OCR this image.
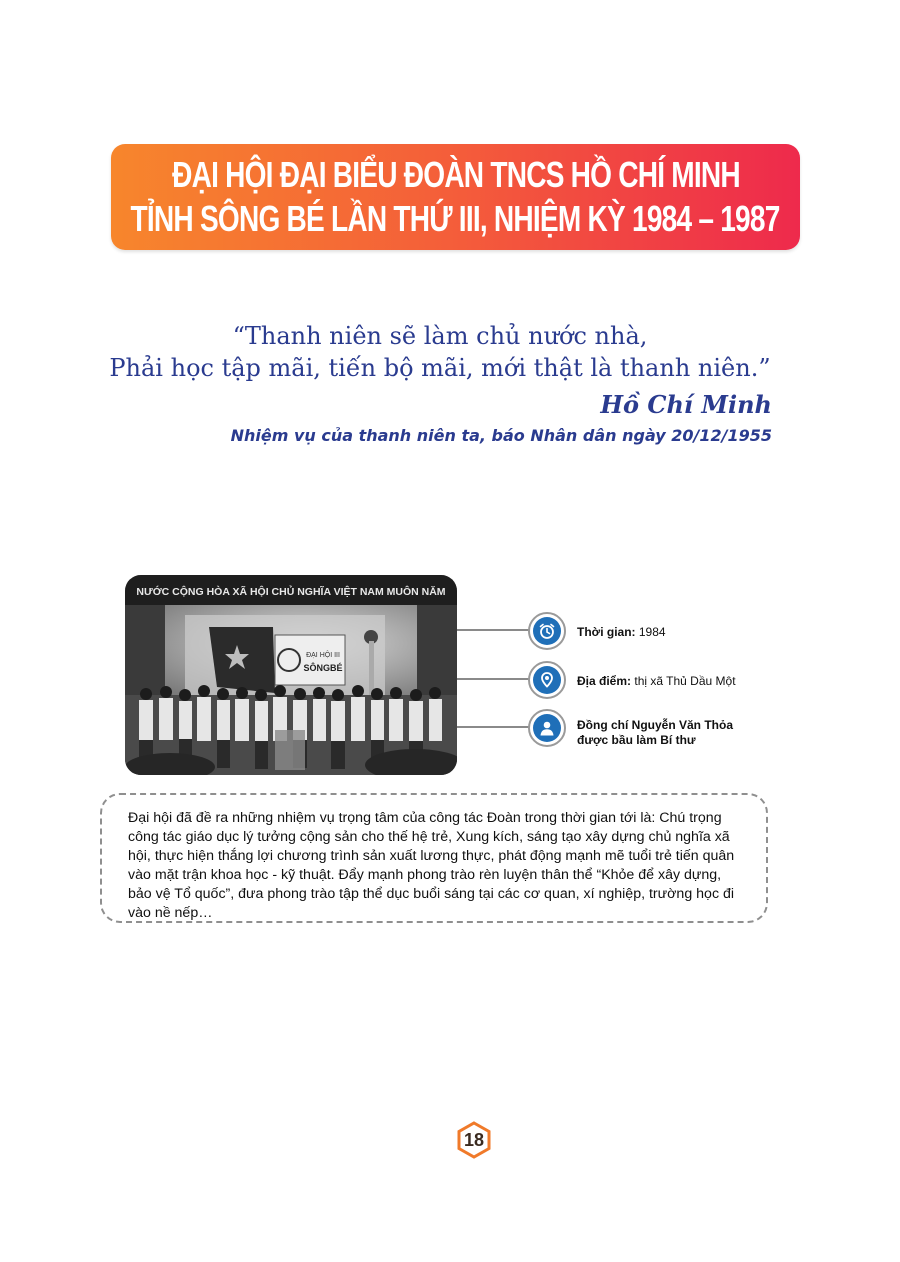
ĐẠI HỘI ĐẠI BIỂU ĐOÀN TNCS HỒ CHÍ MINH
TỈNH SÔNG BÉ LẦN THỨ III, NHIỆM KỲ 1984 – 1987
“Thanh niên sẽ làm chủ nước nhà,
Phải học tập mãi, tiến bộ mãi, mới thật là thanh niên.”
Hồ Chí Minh
Nhiệm vụ của thanh niên ta, báo Nhân dân ngày 20/12/1955
NƯỚC CỘNG HÒA XÃ HỘI CHỦ NGHĨA VIỆT NAM MUÔN NĂM
ĐẠI HỘI III
SÔNGBÉ
Thời gian: 1984
Địa điểm: thị xã Thủ Dầu Một
Đồng chí Nguyễn Văn Thỏa
được bầu làm Bí thư
Đại hội đã đề ra những nhiệm vụ trọng tâm của công tác Đoàn trong thời gian tới là: Chú trọng công tác giáo dục lý tưởng cộng sản cho thế hệ trẻ, Xung kích, sáng tạo xây dựng chủ nghĩa xã hội, thực hiện thắng lợi chương trình sản xuất lương thực, phát động mạnh mẽ tuổi trẻ tiến quân vào mặt trận khoa học - kỹ thuật. Đẩy mạnh phong trào rèn luyện thân thể “Khỏe để xây dựng, bảo vệ Tổ quốc”, đưa phong trào tập thể dục buổi sáng tại các cơ quan, xí nghiệp, trường học đi vào nề nếp…
18
